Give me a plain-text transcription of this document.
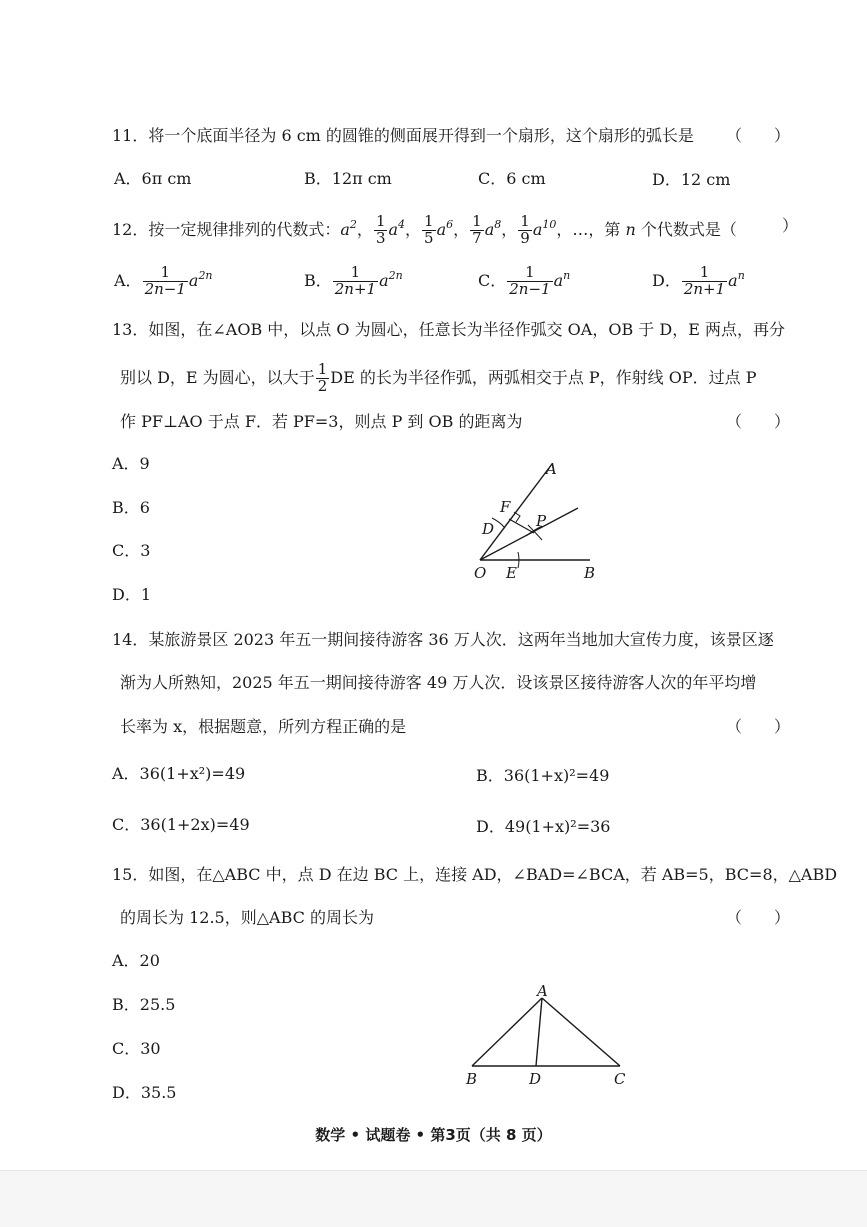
11．将一个底面半径为 6 cm 的圆锥的侧面展开得到一个扇形，这个扇形的弧长是 （　　）
A．6π cm	B．12π cm	C．6 cm	D．12 cm
12．按一定规律排列的代数式：$a^2$， $\frac{1}{3} a^4$， $\frac{1}{5} a^6$， $\frac{1}{7} a^8$， $\frac{1}{9} a^{10}$，…，第 n 个代数式是（	）
A． $\frac{1}{2n-1} a^{2n}$	B． $\frac{1}{2n+1} a^{2n}$	C． $\frac{1}{2n-1} a^n$	D． $\frac{1}{2n+1} a^n$
13．如图，在∠AOB 中，以点 O 为圆心，任意长为半径作弧交 OA，OB 于 D，E 两点，再分
别以 D，E 为圆心，以大于 $\frac{1}{2}$ DE 的长为半径作弧，两弧相交于点 P，作射线 OP．过点 P
作 PF⊥AO 于点 F．若 PF=3，则点 P 到 OB 的距离为	（　　）
A．9
B．6
C．3
D．1
A
F
D	P
O E	B
14．某旅游景区 2023 年五一期间接待游客 36 万人次．这两年当地加大宣传力度，该景区逐
渐为人所熟知，2025 年五一期间接待游客 49 万人次．设该景区接待游客人次的年平均增
长率为 x，根据题意，所列方程正确的是	（　　）
A．36(1+x²)=49	B．36(1+x)²=49
C．36(1+2x)=49	D．49(1+x)²=36
15．如图，在△ABC 中，点 D 在边 BC 上，连接 AD，∠BAD=∠BCA，若 AB=5，BC=8，△ABD
的周长为 12.5，则△ABC 的周长为	（　　）
A．20
B．25.5
C．30
D．35.5
A
B	D	C
数学 • 试题卷 • 第3页（共 8 页）
